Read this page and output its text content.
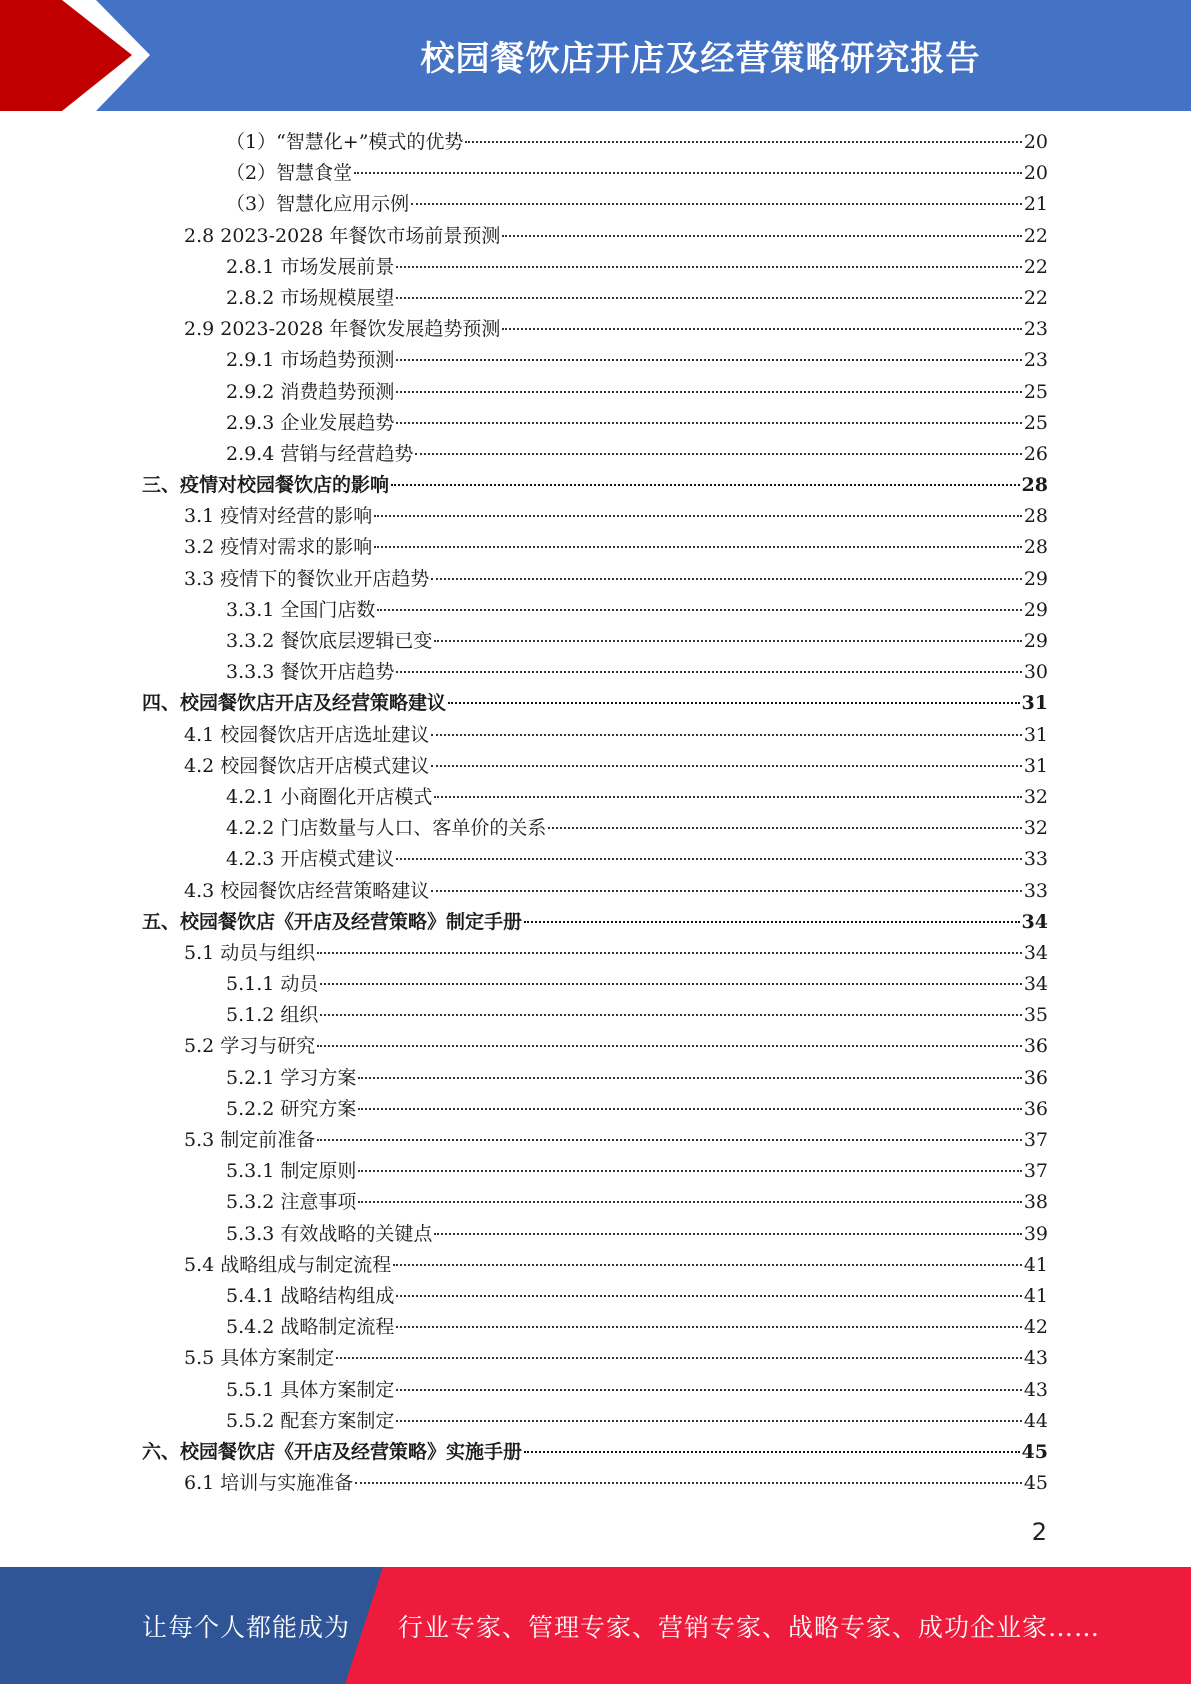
校园餐饮店开店及经营策略研究报告
（1）“智慧化+”模式的优势	20
（2）智慧食堂	20
（3）智慧化应用示例	21
2.8 2023-2028 年餐饮市场前景预测	22
2.8.1 市场发展前景	22
2.8.2 市场规模展望	22
2.9 2023-2028 年餐饮发展趋势预测	23
2.9.1 市场趋势预测	23
2.9.2 消费趋势预测	25
2.9.3 企业发展趋势	25
2.9.4 营销与经营趋势	26
三、疫情对校园餐饮店的影响	28
3.1 疫情对经营的影响	28
3.2 疫情对需求的影响	28
3.3 疫情下的餐饮业开店趋势	29
3.3.1 全国门店数	29
3.3.2 餐饮底层逻辑已变	29
3.3.3 餐饮开店趋势	30
四、校园餐饮店开店及经营策略建议	31
4.1 校园餐饮店开店选址建议	31
4.2 校园餐饮店开店模式建议	31
4.2.1 小商圈化开店模式	32
4.2.2 门店数量与人口、客单价的关系	32
4.2.3 开店模式建议	33
4.3 校园餐饮店经营策略建议	33
五、校园餐饮店《开店及经营策略》制定手册	34
5.1 动员与组织	34
5.1.1 动员	34
5.1.2 组织	35
5.2 学习与研究	36
5.2.1 学习方案	36
5.2.2 研究方案	36
5.3 制定前准备	37
5.3.1 制定原则	37
5.3.2 注意事项	38
5.3.3 有效战略的关键点	39
5.4 战略组成与制定流程	41
5.4.1 战略结构组成	41
5.4.2 战略制定流程	42
5.5 具体方案制定	43
5.5.1 具体方案制定	43
5.5.2 配套方案制定	44
六、校园餐饮店《开店及经营策略》实施手册	45
6.1 培训与实施准备	45
2
让每个人都能成为 行业专家、管理专家、营销专家、战略专家、成功企业家……
